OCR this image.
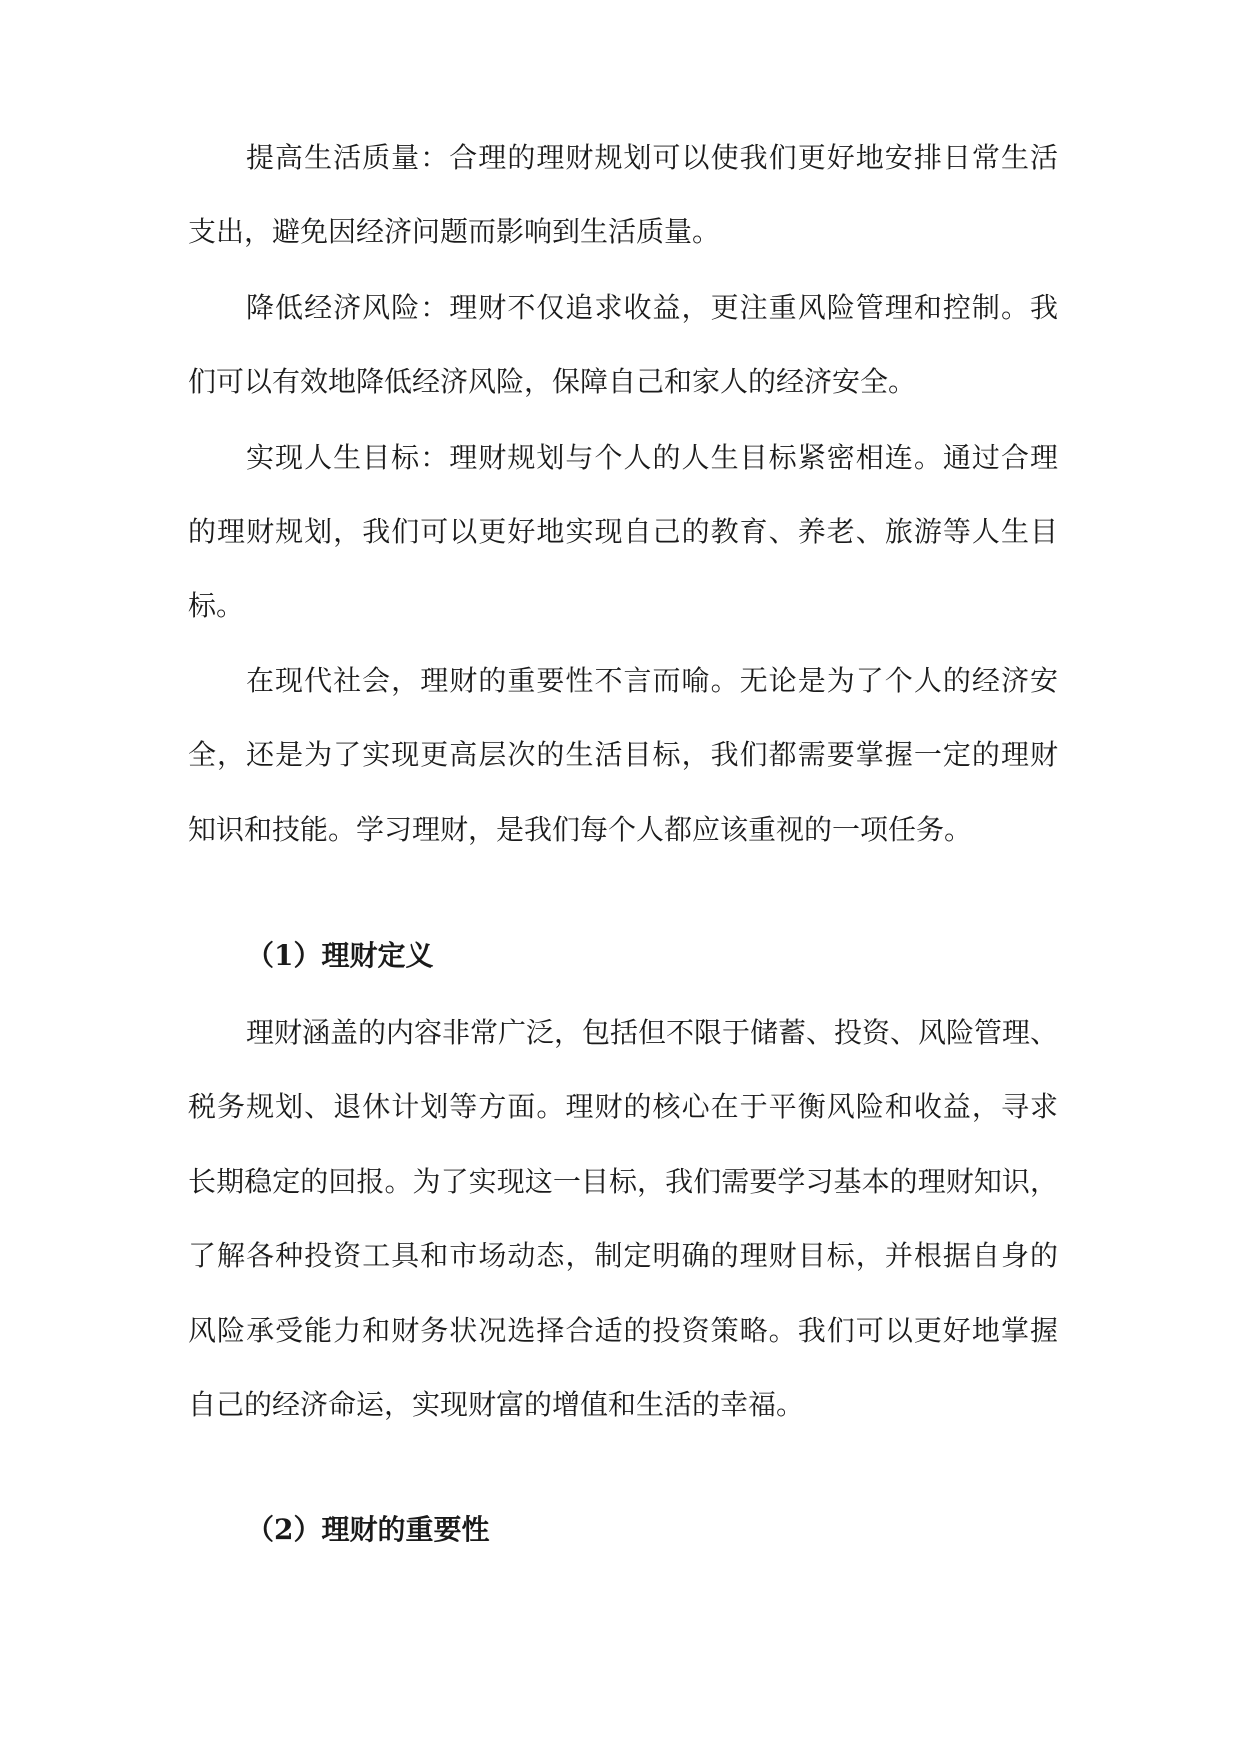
提高生活质量：合理的理财规划可以使我们更好地安排日常生活
支出，避免因经济问题而影响到生活质量。
降低经济风险：理财不仅追求收益，更注重风险管理和控制。我
们可以有效地降低经济风险，保障自己和家人的经济安全。
实现人生目标：理财规划与个人的人生目标紧密相连。通过合理
的理财规划，我们可以更好地实现自己的教育、养老、旅游等人生目
标。
在现代社会，理财的重要性不言而喻。无论是为了个人的经济安
全，还是为了实现更高层次的生活目标，我们都需要掌握一定的理财
知识和技能。学习理财，是我们每个人都应该重视的一项任务。
（1）理财定义
理财涵盖的内容非常广泛，包括但不限于储蓄、投资、风险管理、
税务规划、退休计划等方面。理财的核心在于平衡风险和收益，寻求
长期稳定的回报。为了实现这一目标，我们需要学习基本的理财知识，
了解各种投资工具和市场动态，制定明确的理财目标，并根据自身的
风险承受能力和财务状况选择合适的投资策略。我们可以更好地掌握
自己的经济命运，实现财富的增值和生活的幸福。
（2）理财的重要性
